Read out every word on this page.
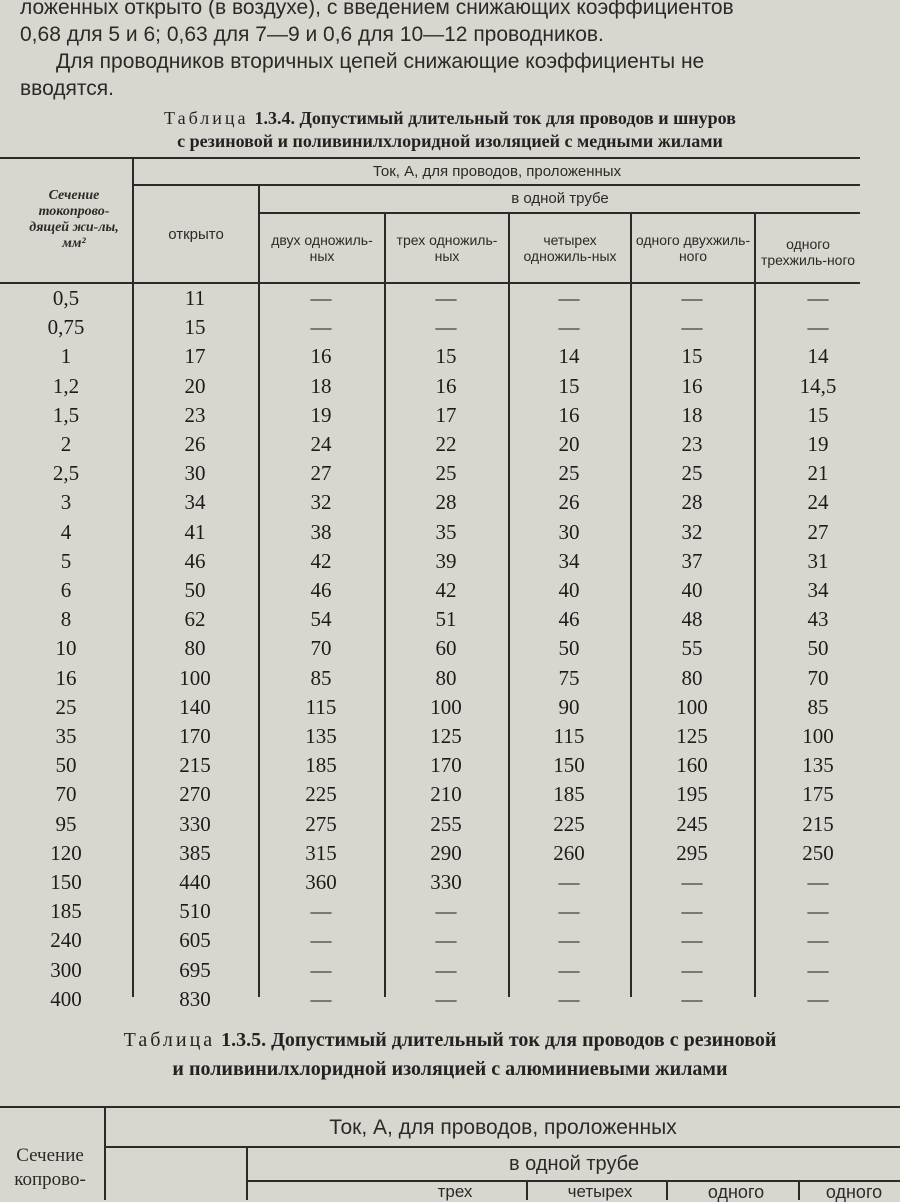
ложенных открыто (в воздухе), с введением снижающих коэффициентов

0,68 для 5 и 6; 0,63 для 7—9 и 0,6 для 10—12 проводников.

Для проводников вторичных цепей снижающие коэффициенты не

вводятся.

Таблица 1.3.4. Допустимый длительный ток для проводов и шнуров
с резиновой и поливинилхлоридной изоляцией с медными жилами
Сечение токопрово-дящей жи-лы, мм²
Ток, А, для проводов, проложенных
открыто
в одной трубе
двух одножиль-ных
трех одножиль-ных
четырех одножиль-ных
одного двухжиль-ного
одного трехжиль-ного
0,5	11	—	—	—	—	—
0,75	15	—	—	—	—	—
1	17	16	15	14	15	14
1,2	20	18	16	15	16	14,5
1,5	23	19	17	16	18	15
2	26	24	22	20	23	19
2,5	30	27	25	25	25	21
3	34	32	28	26	28	24
4	41	38	35	30	32	27
5	46	42	39	34	37	31
6	50	46	42	40	40	34
8	62	54	51	46	48	43
10	80	70	60	50	55	50
16	100	85	80	75	80	70
25	140	115	100	90	100	85
35	170	135	125	115	125	100
50	215	185	170	150	160	135
70	270	225	210	185	195	175
95	330	275	255	225	245	215
120	385	315	290	260	295	250
150	440	360	330	—	—	—
185	510	—	—	—	—	—
240	605	—	—	—	—	—
300	695	—	—	—	—	—
400	830	—	—	—	—	—
Таблица 1.3.5. Допустимый длительный ток для проводов с резиновой
и поливинилхлоридной изоляцией с алюминиевыми жилами
Сечение копрово-
Ток, А, для проводов, проложенных
в одной трубе
трех	четырех	одного	одного
